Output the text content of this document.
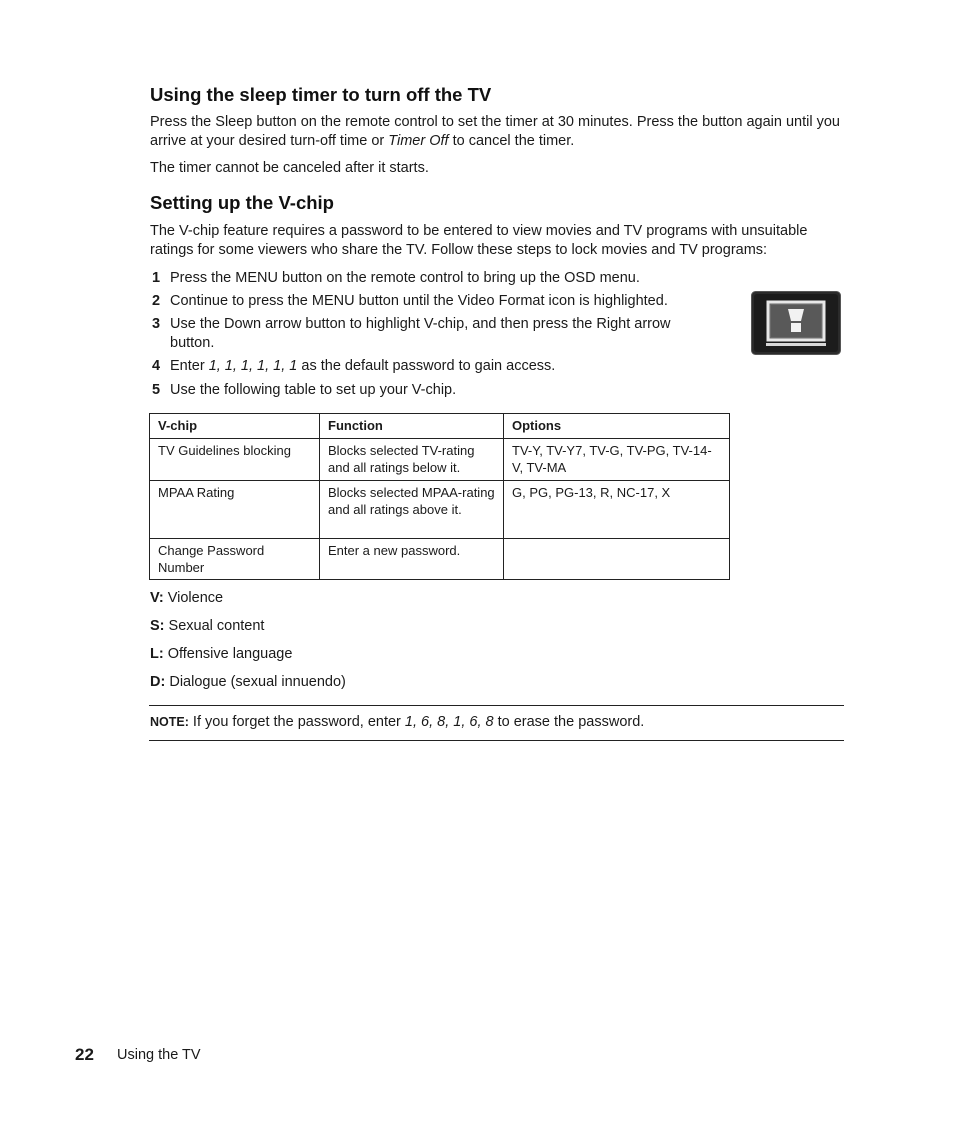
Using the sleep timer to turn off the TV

Press the Sleep button on the remote control to set the timer at 30 minutes. Press the button again until you arrive at your desired turn-off time or Timer Off to cancel the timer.

The timer cannot be canceled after it starts.

Setting up the V-chip

The V-chip feature requires a password to be entered to view movies and TV programs with unsuitable ratings for some viewers who share the TV. Follow these steps to lock movies and TV programs:

1 Press the MENU button on the remote control to bring up the OSD menu.

2 Continue to press the MENU button until the Video Format icon is highlighted.

3 Use the Down arrow button to highlight V-chip, and then press the Right arrow button.

4 Enter 1, 1, 1, 1, 1, 1 as the default password to gain access.

5 Use the following table to set up your V-chip.

V-chip	Function	Options
TV Guidelines blocking	Blocks selected TV-rating and all ratings below it.	TV-Y, TV-Y7, TV-G, TV-PG, TV-14-V, TV-MA
MPAA Rating	Blocks selected MPAA-rating and all ratings above it.	G, PG, PG-13, R, NC-17, X
Change Password Number	Enter a new password.	

V: Violence

S: Sexual content

L: Offensive language

D: Dialogue (sexual innuendo)

NOTE: If you forget the password, enter 1, 6, 8, 1, 6, 8 to erase the password.

22 Using the TV
